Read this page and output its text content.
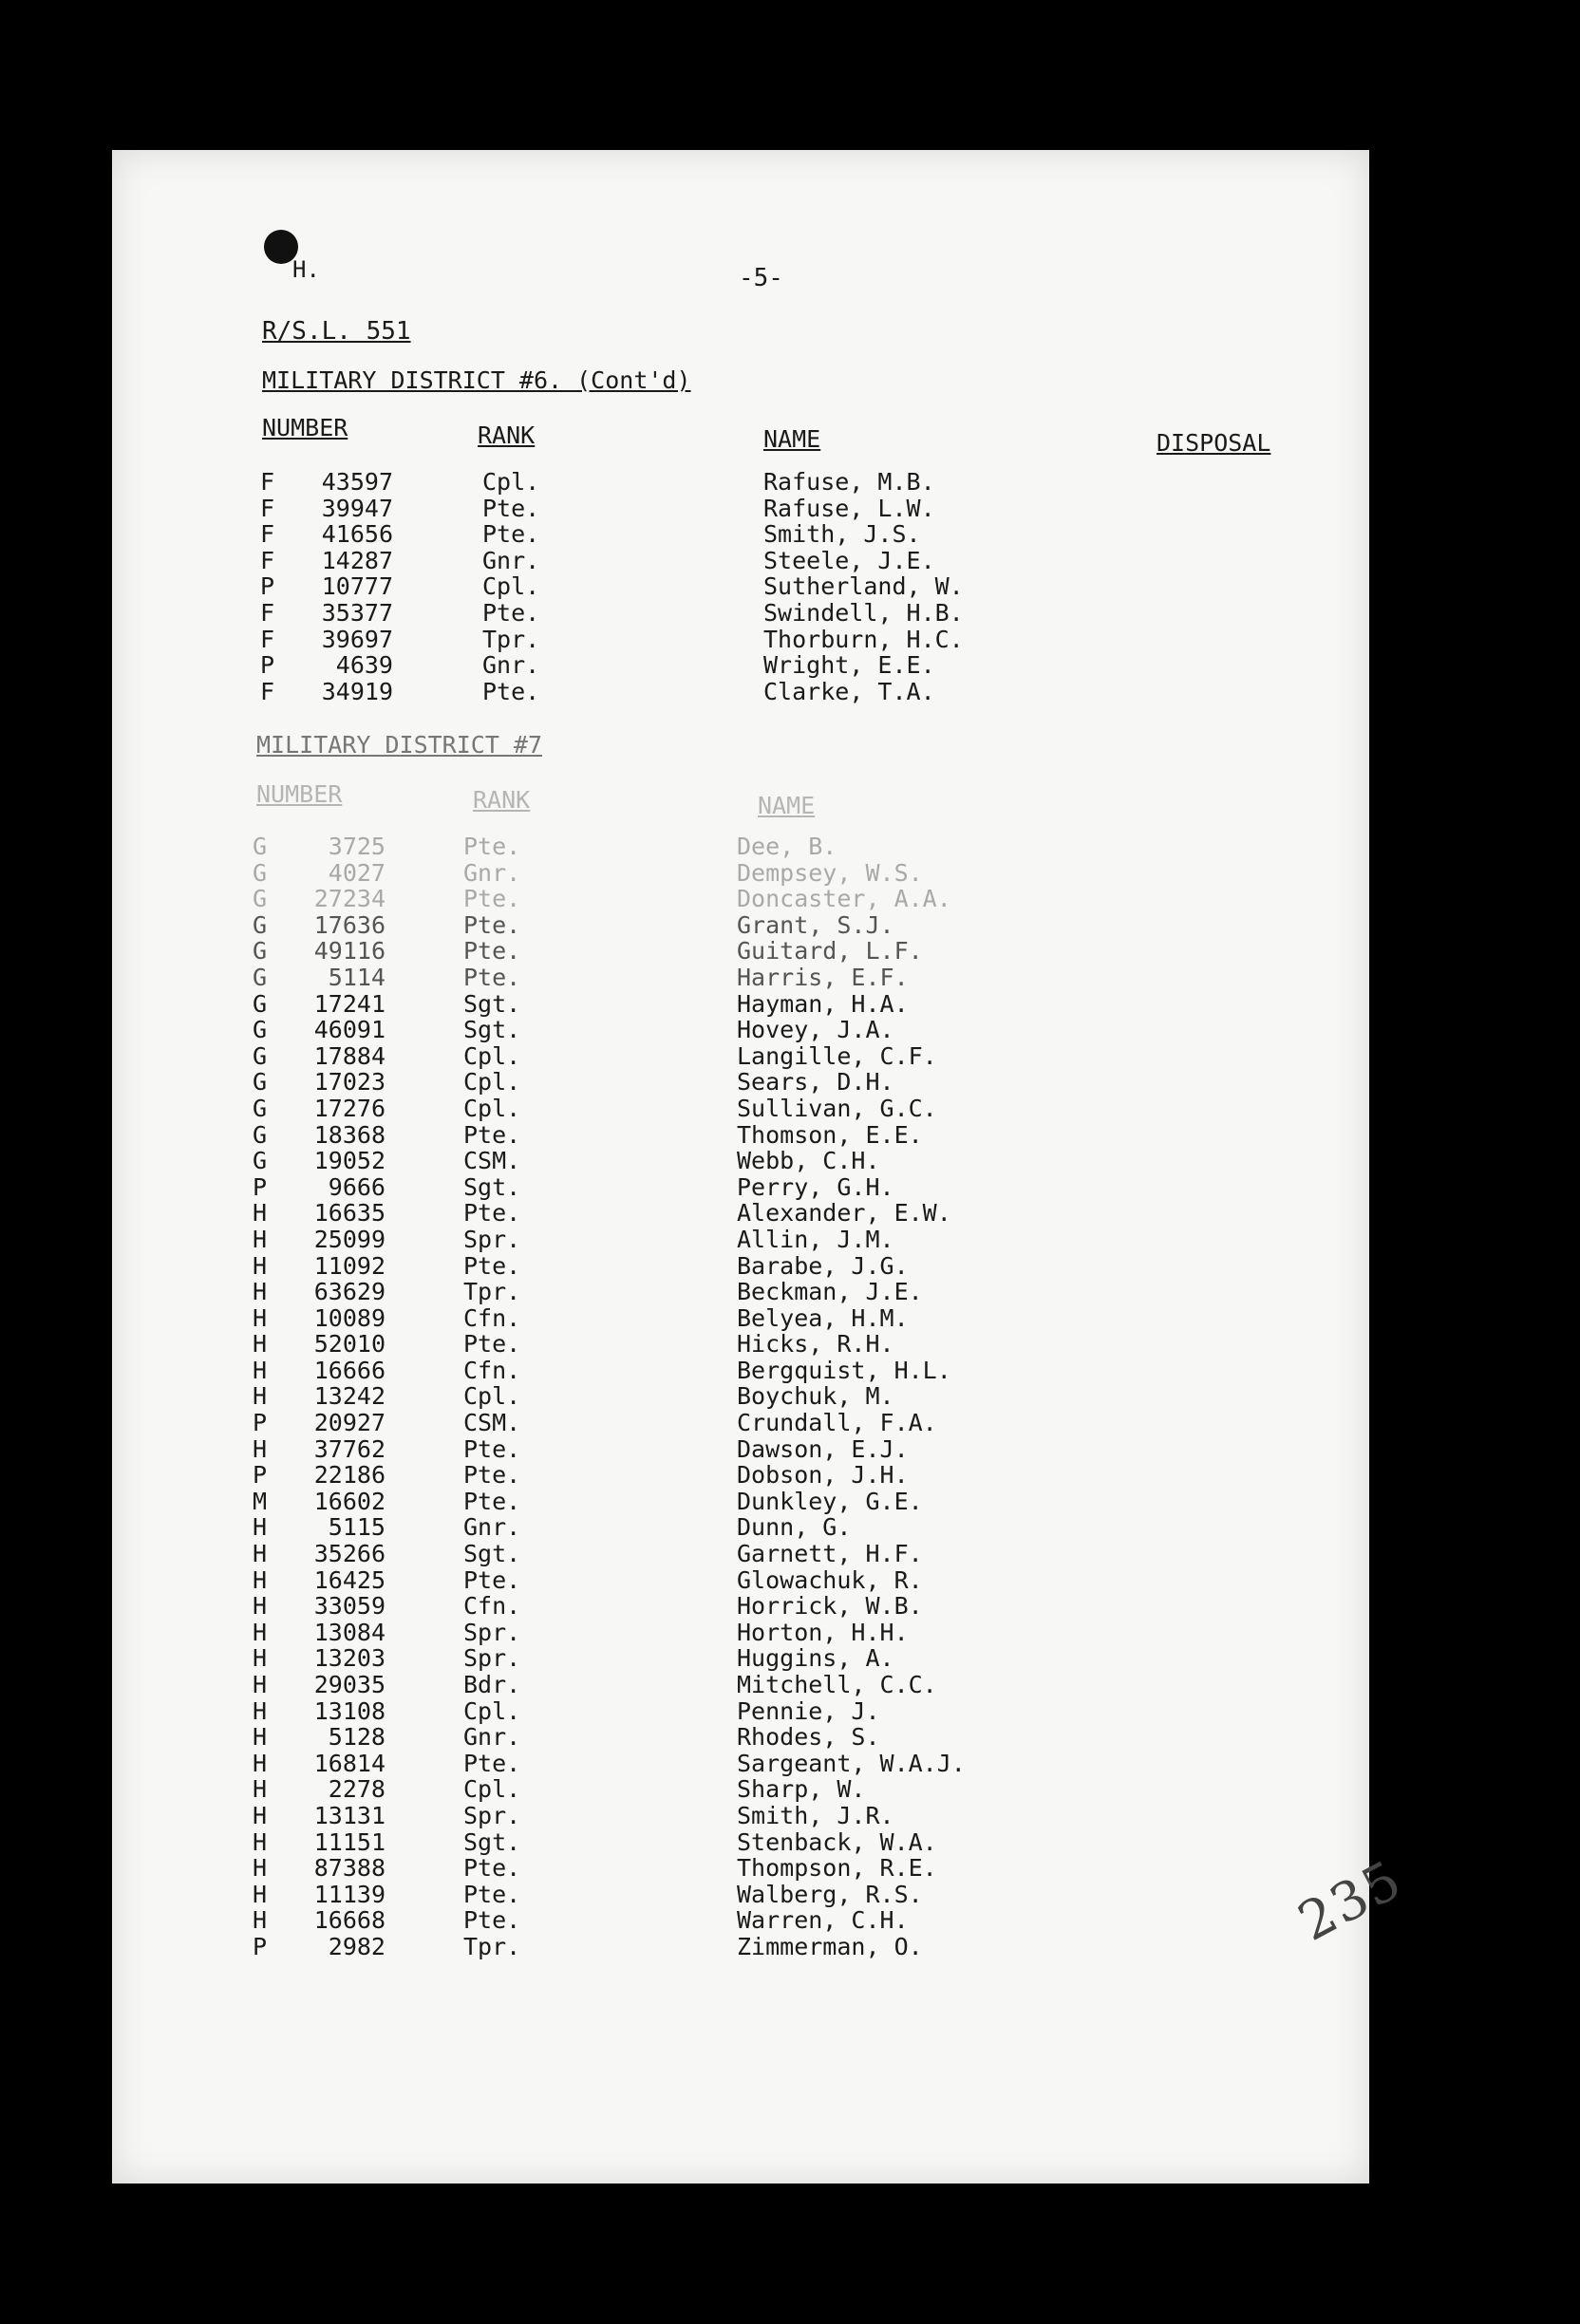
H.	-5-
R/S.L. 551
MILITARY DISTRICT #6. (Cont'd)
NUMBER	RANK	NAME	DISPOSAL
F	43597	Cpl.	Rafuse, M.B.
F	39947	Pte.	Rafuse, L.W.
F	41656	Pte.	Smith, J.S.
F	14287	Gnr.	Steele, J.E.
P	10777	Cpl.	Sutherland, W.
F	35377	Pte.	Swindell, H.B.
F	39697	Tpr.	Thorburn, H.C.
P	4639	Gnr.	Wright, E.E.
F	34919	Pte.	Clarke, T.A.
MILITARY DISTRICT #7
NUMBER	RANK	NAME
G	3725	Pte.	Dee, B.
G	4027	Gnr.	Dempsey, W.S.
G	27234	Pte.	Doncaster, A.A.
G	17636	Pte.	Grant, S.J.
G	49116	Pte.	Guitard, L.F.
G	5114	Pte.	Harris, E.F.
G	17241	Sgt.	Hayman, H.A.
G	46091	Sgt.	Hovey, J.A.
G	17884	Cpl.	Langille, C.F.
G	17023	Cpl.	Sears, D.H.
G	17276	Cpl.	Sullivan, G.C.
G	18368	Pte.	Thomson, E.E.
G	19052	CSM.	Webb, C.H.
P	9666	Sgt.	Perry, G.H.
H	16635	Pte.	Alexander, E.W.
H	25099	Spr.	Allin, J.M.
H	11092	Pte.	Barabe, J.G.
H	63629	Tpr.	Beckman, J.E.
H	10089	Cfn.	Belyea, H.M.
H	52010	Pte.	Hicks, R.H.
H	16666	Cfn.	Bergquist, H.L.
H	13242	Cpl.	Boychuk, M.
P	20927	CSM.	Crundall, F.A.
H	37762	Pte.	Dawson, E.J.
P	22186	Pte.	Dobson, J.H.
M	16602	Pte.	Dunkley, G.E.
H	5115	Gnr.	Dunn, G.
H	35266	Sgt.	Garnett, H.F.
H	16425	Pte.	Glowachuk, R.
H	33059	Cfn.	Horrick, W.B.
H	13084	Spr.	Horton, H.H.
H	13203	Spr.	Huggins, A.
H	29035	Bdr.	Mitchell, C.C.
H	13108	Cpl.	Pennie, J.
H	5128	Gnr.	Rhodes, S.
H	16814	Pte.	Sargeant, W.A.J.
H	2278	Cpl.	Sharp, W.
H	13131	Spr.	Smith, J.R.
H	11151	Sgt.	Stenback, W.A.
H	87388	Pte.	Thompson, R.E.
H	11139	Pte.	Walberg, R.S.
H	16668	Pte.	Warren, C.H.
P	2982	Tpr.	Zimmerman, O.	235
